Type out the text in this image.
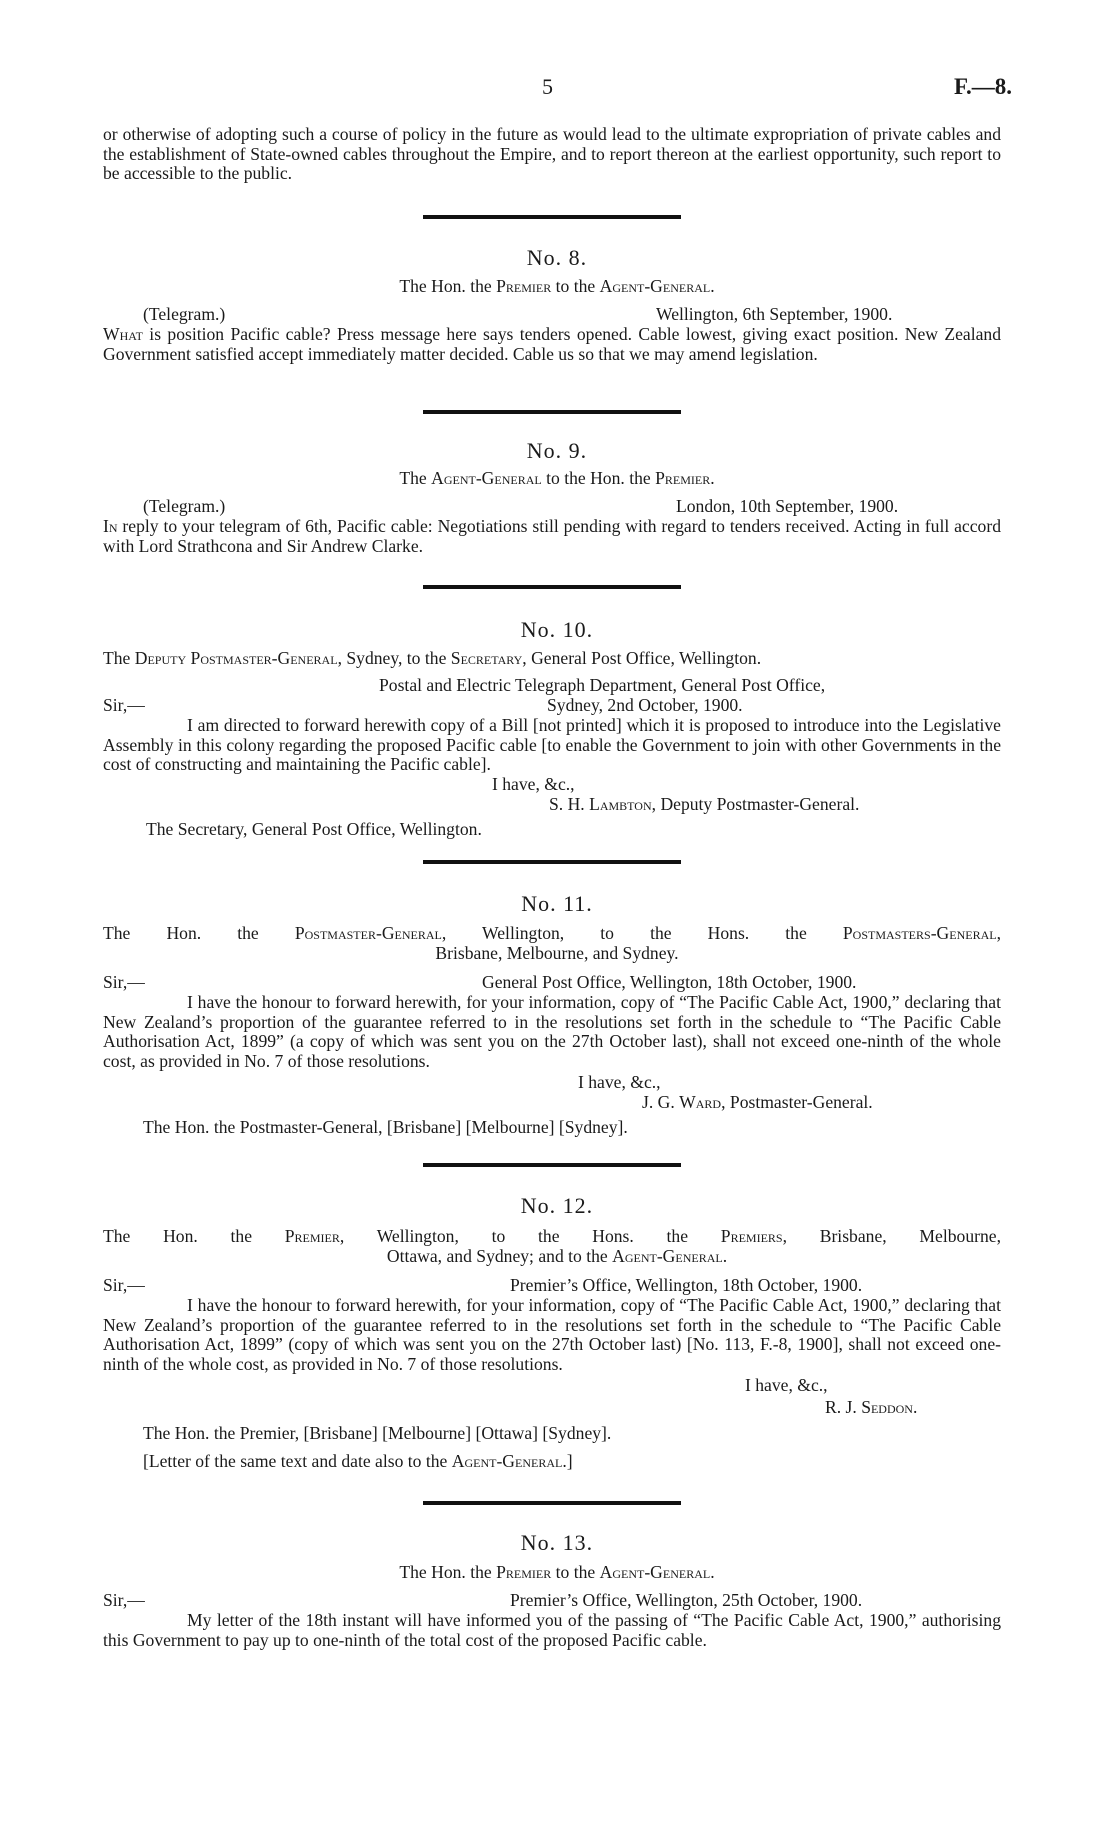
5	F.—8.

or otherwise of adopting such a course of policy in the future as would lead to the ultimate expropriation of private cables and the establishment of State-owned cables throughout the Empire, and to report thereon at the earliest opportunity, such report to be accessible to the public.

No. 8.
The Hon. the Premier to the Agent-General.
(Telegram.)	Wellington, 6th September, 1900.

What is position Pacific cable? Press message here says tenders opened. Cable lowest, giving exact position. New Zealand Government satisfied accept immediately matter decided. Cable us so that we may amend legislation.

No. 9.
The Agent-General to the Hon. the Premier.
(Telegram.)	London, 10th September, 1900.

In reply to your telegram of 6th, Pacific cable: Negotiations still pending with regard to tenders received. Acting in full accord with Lord Strathcona and Sir Andrew Clarke.

No. 10.
The Deputy Postmaster-General, Sydney, to the Secretary, General Post Office, Wellington.
Postal and Electric Telegraph Department, General Post Office,
Sir,—	Sydney, 2nd October, 1900.

I am directed to forward herewith copy of a Bill [not printed] which it is proposed to introduce into the Legislative Assembly in this colony regarding the proposed Pacific cable [to enable the Government to join with other Governments in the cost of constructing and maintaining the Pacific cable].

I have, &c.,
S. H. Lambton, Deputy Postmaster-General.
The Secretary, General Post Office, Wellington.
No. 11.
The Hon. the Postmaster-General, Wellington, to the Hons. the Postmasters-General,
Brisbane, Melbourne, and Sydney.
Sir,—	General Post Office, Wellington, 18th October, 1900.

I have the honour to forward herewith, for your information, copy of “The Pacific Cable Act, 1900,” declaring that New Zealand’s proportion of the guarantee referred to in the resolutions set forth in the schedule to “The Pacific Cable Authorisation Act, 1899” (a copy of which was sent you on the 27th October last), shall not exceed one-ninth of the whole cost, as provided in No. 7 of those resolutions.

I have, &c.,
J. G. Ward, Postmaster-General.
The Hon. the Postmaster-General, [Brisbane] [Melbourne] [Sydney].
No. 12.
The Hon. the Premier, Wellington, to the Hons. the Premiers, Brisbane, Melbourne,
Ottawa, and Sydney; and to the Agent-General.
Sir,—	Premier’s Office, Wellington, 18th October, 1900.

I have the honour to forward herewith, for your information, copy of “The Pacific Cable Act, 1900,” declaring that New Zealand’s proportion of the guarantee referred to in the resolutions set forth in the schedule to “The Pacific Cable Authorisation Act, 1899” (copy of which was sent you on the 27th October last) [No. 113, F.-8, 1900], shall not exceed one-ninth of the whole cost, as provided in No. 7 of those resolutions.

I have, &c.,
R. J. Seddon.
The Hon. the Premier, [Brisbane] [Melbourne] [Ottawa] [Sydney].
[Letter of the same text and date also to the Agent-General.]
No. 13.
The Hon. the Premier to the Agent-General.
Sir,—	Premier’s Office, Wellington, 25th October, 1900.

My letter of the 18th instant will have informed you of the passing of “The Pacific Cable Act, 1900,” authorising this Government to pay up to one-ninth of the total cost of the proposed Pacific cable.
